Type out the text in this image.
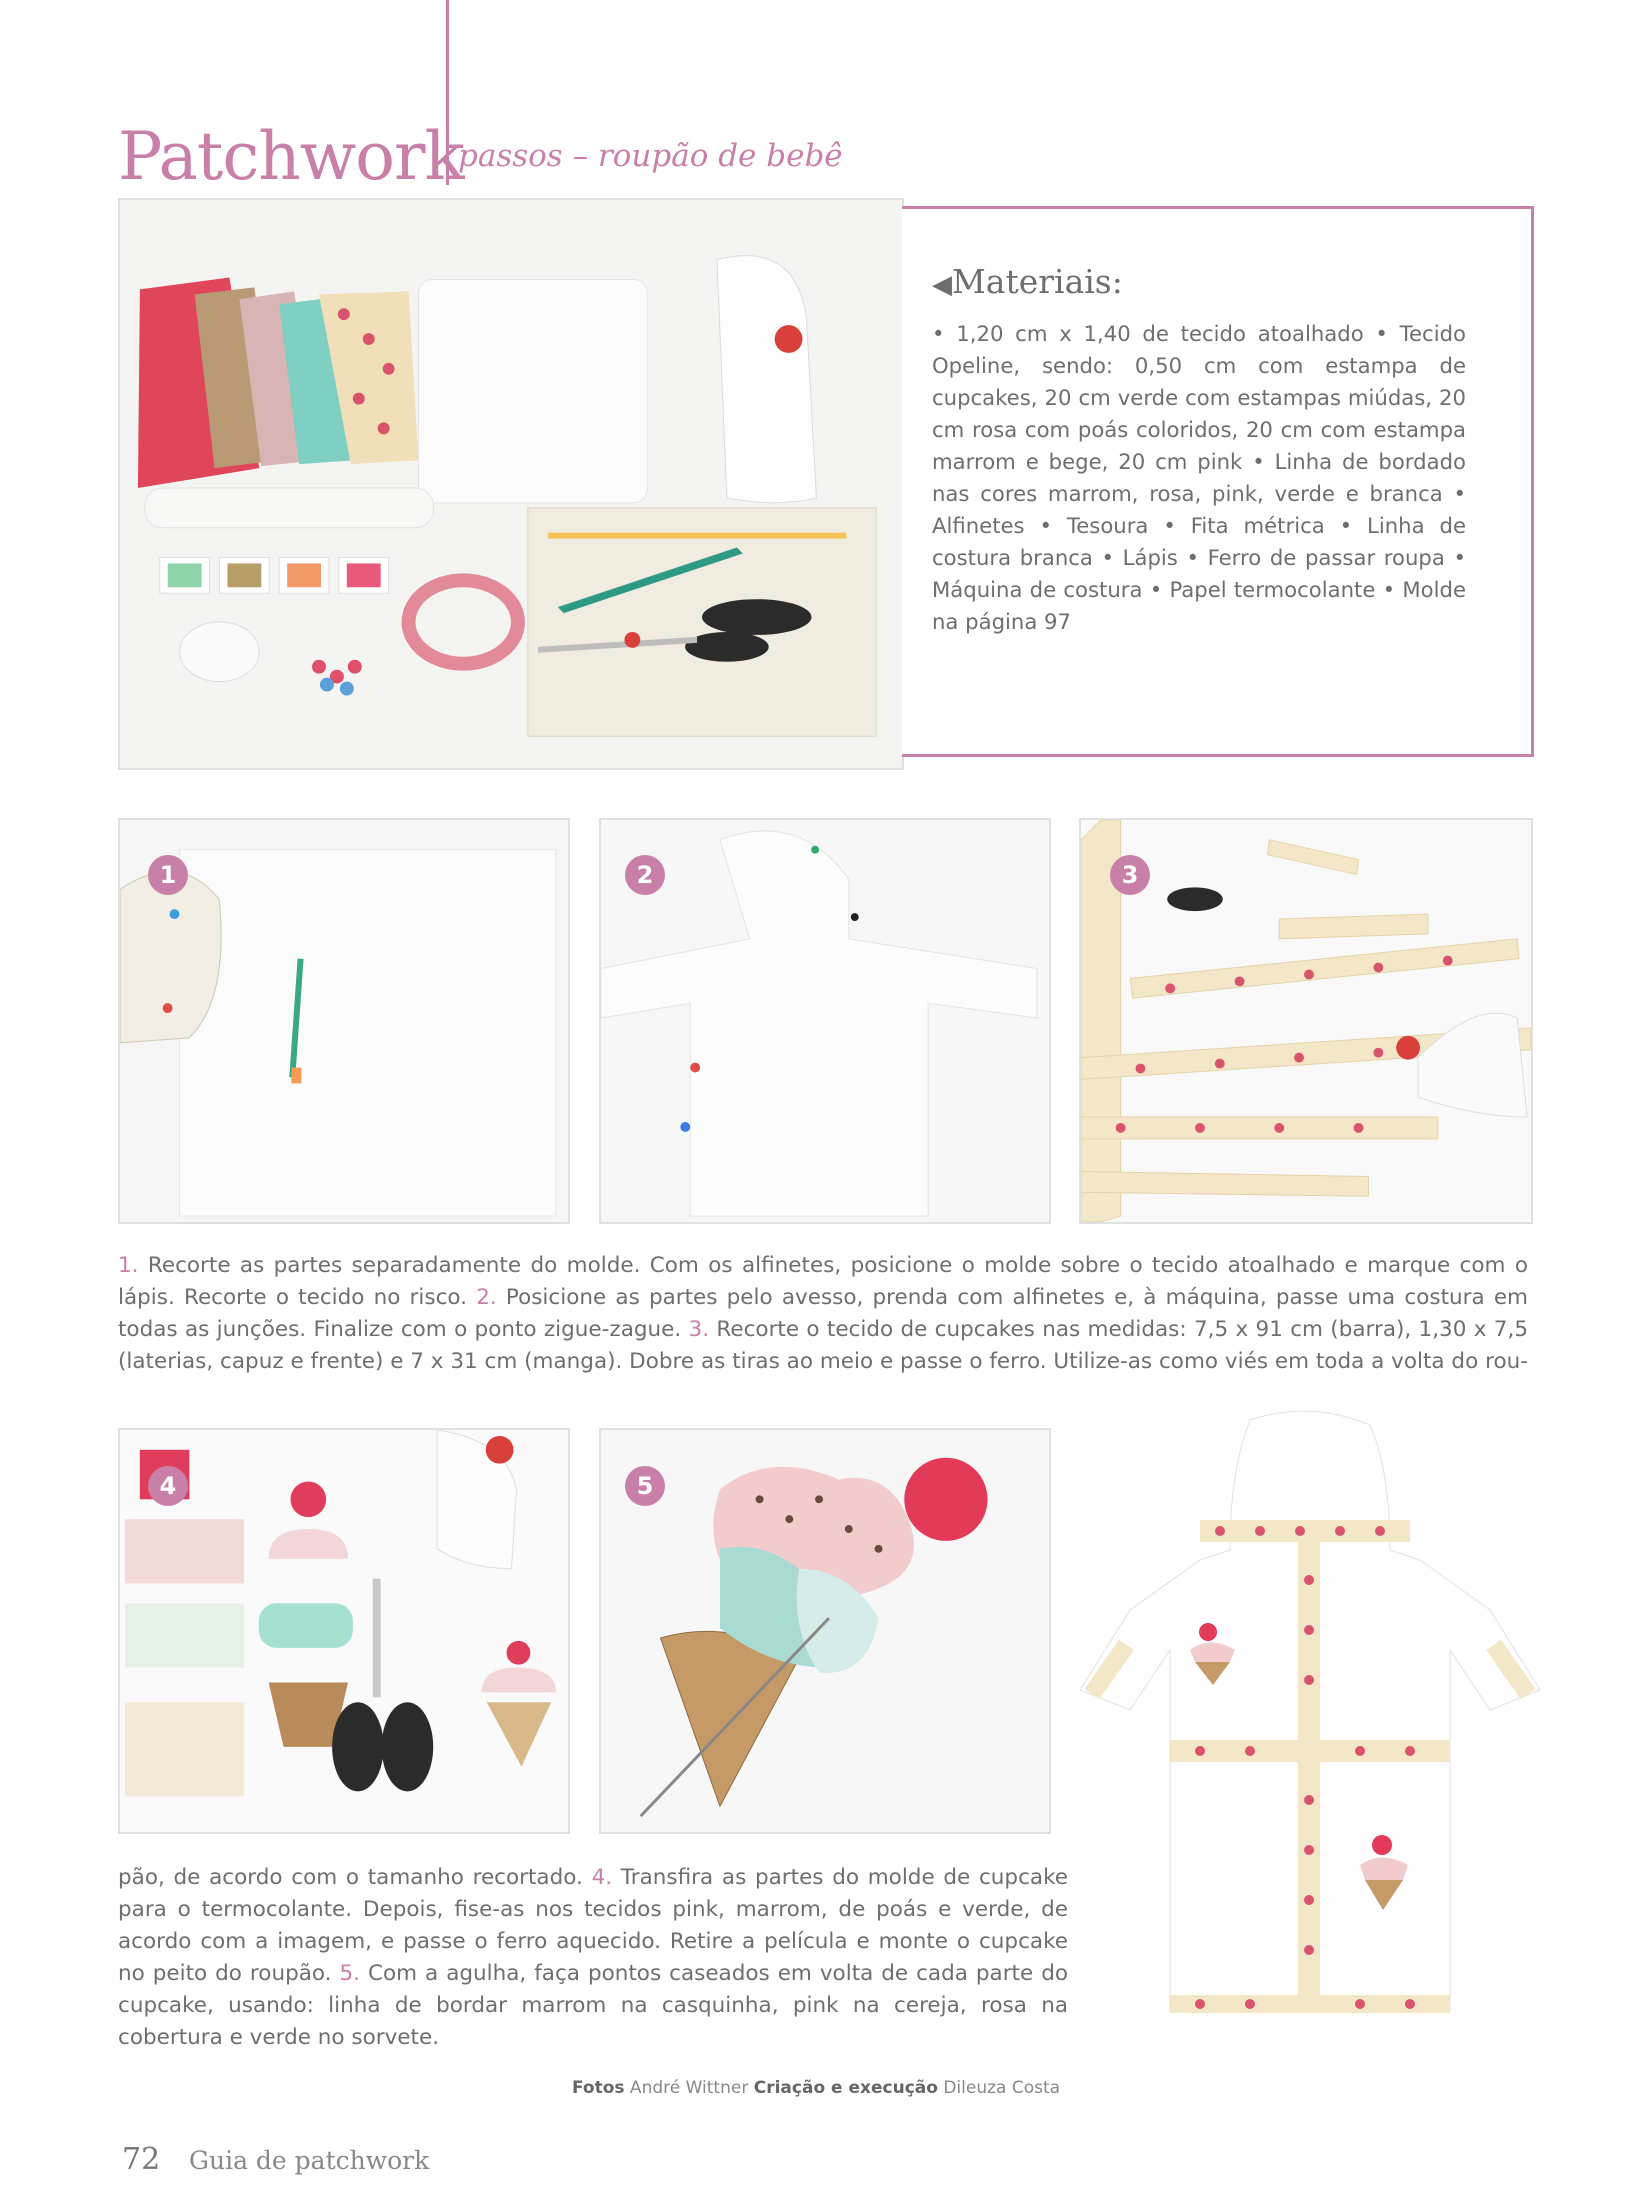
Patchwork
passos – roupão de bebê
◀Materiais:
• 1,20 cm x 1,40 de tecido atoalhado • Tecido Opeline, sendo: 0,50 cm com estampa de cupcakes, 20 cm verde com estampas miúdas, 20 cm rosa com poás coloridos, 20 cm com estampa marrom e bege, 20 cm pink • Linha de bordado nas cores marrom, rosa, pink, verde e branca • Alfinetes • Tesoura • Fita métrica • Linha de costura branca • Lápis • Ferro de passar roupa • Máquina de costura • Papel termocolante • Molde na página 97
1	2	3
1. Recorte as partes separadamente do molde. Com os alfinetes, posicione o molde sobre o tecido atoalhado e marque com o lápis. Recorte o tecido no risco. 2. Posicione as partes pelo avesso, prenda com alfinetes e, à máquina, passe uma costura em todas as junções. Finalize com o ponto zigue-zague. 3. Recorte o tecido de cupcakes nas medidas: 7,5 x 91 cm (barra), 1,30 x 7,5 (laterias, capuz e frente) e 7 x 31 cm (manga). Dobre as tiras ao meio e passe o ferro. Utilize-as como viés em toda a volta do rou-
4	5
pão, de acordo com o tamanho recortado. 4. Transfira as partes do molde de cupcake para o termocolante. Depois, fise-as nos tecidos pink, marrom, de poás e verde, de acordo com a imagem, e passe o ferro aquecido. Retire a película e monte o cupcake no peito do roupão. 5. Com a agulha, faça pontos caseados em volta de cada parte do cupcake, usando: linha de bordar marrom na casquinha, pink na cereja, rosa na cobertura e verde no sorvete.
Fotos André Wittner Criação e execução Dileuza Costa
72 Guia de patchwork
